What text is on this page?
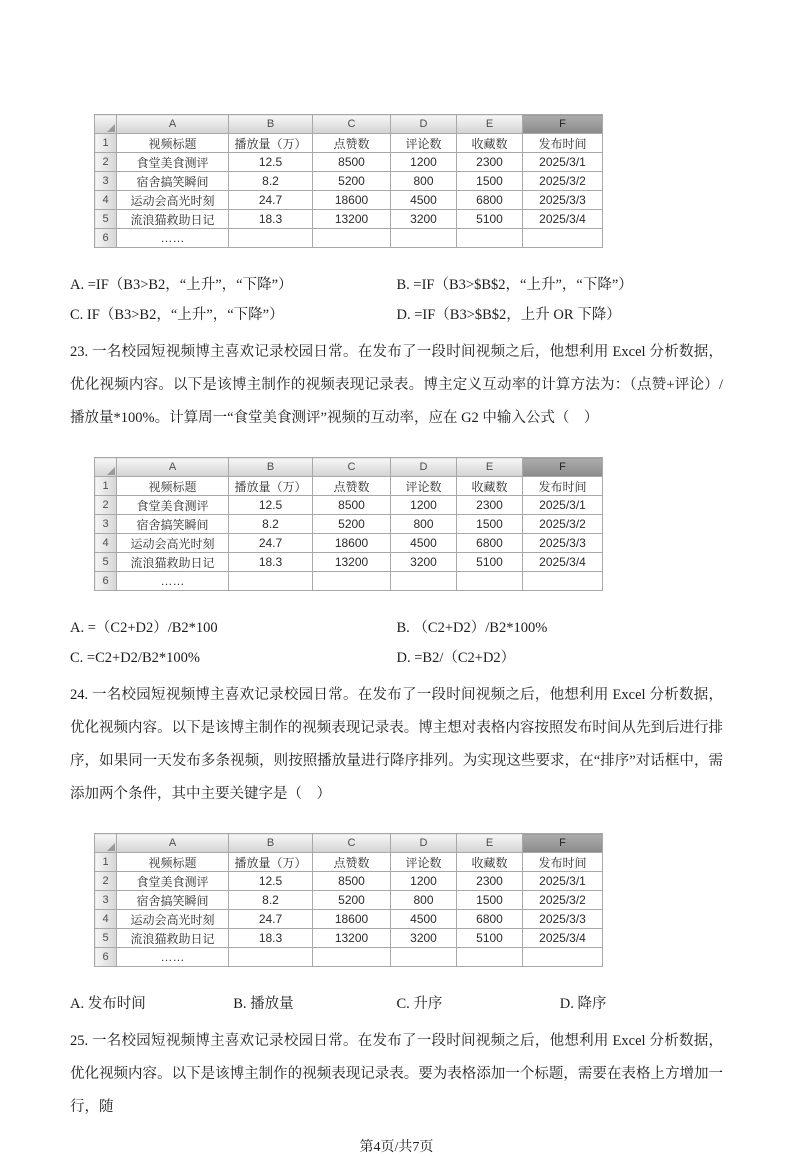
	A	B	C	D	E	F
1	视频标题	播放量（万）	点赞数	评论数	收藏数	发布时间
2	食堂美食测评	12.5	8500	1200	2300	2025/3/1
3	宿舍搞笑瞬间	8.2	5200	800	1500	2025/3/2
4	运动会高光时刻	24.7	18600	4500	6800	2025/3/3
5	流浪猫救助日记	18.3	13200	3200	5100	2025/3/4
6	……					
A. =IF（B3>B2，“上升”，“下降”）	B. =IF（B3>$B$2，“上升”，“下降”）
C. IF（B3>B2，“上升”，“下降”）	D. =IF（B3>$B$2，上升 OR 下降）

23. 一名校园短视频博主喜欢记录校园日常。在发布了一段时间视频之后，他想利用 Excel 分析数据，优化视频内容。以下是该博主制作的视频表现记录表。博主定义互动率的计算方法为：（点赞+评论）/播放量*100%。计算周一“食堂美食测评”视频的互动率，应在 G2 中输入公式（　）

	A	B	C	D	E	F
1	视频标题	播放量（万）	点赞数	评论数	收藏数	发布时间
2	食堂美食测评	12.5	8500	1200	2300	2025/3/1
3	宿舍搞笑瞬间	8.2	5200	800	1500	2025/3/2
4	运动会高光时刻	24.7	18600	4500	6800	2025/3/3
5	流浪猫救助日记	18.3	13200	3200	5100	2025/3/4
6	……					
A. =（C2+D2）/B2*100	B. （C2+D2）/B2*100%
C. =C2+D2/B2*100%	D. =B2/（C2+D2）

24. 一名校园短视频博主喜欢记录校园日常。在发布了一段时间视频之后，他想利用 Excel 分析数据，优化视频内容。以下是该博主制作的视频表现记录表。博主想对表格内容按照发布时间从先到后进行排序，如果同一天发布多条视频，则按照播放量进行降序排列。为实现这些要求，在“排序”对话框中，需添加两个条件，其中主要关键字是（　）

	A	B	C	D	E	F
1	视频标题	播放量（万）	点赞数	评论数	收藏数	发布时间
2	食堂美食测评	12.5	8500	1200	2300	2025/3/1
3	宿舍搞笑瞬间	8.2	5200	800	1500	2025/3/2
4	运动会高光时刻	24.7	18600	4500	6800	2025/3/3
5	流浪猫救助日记	18.3	13200	3200	5100	2025/3/4
6	……					
A. 发布时间	B. 播放量	C. 升序	D. 降序

25. 一名校园短视频博主喜欢记录校园日常。在发布了一段时间视频之后，他想利用 Excel 分析数据，优化视频内容。以下是该博主制作的视频表现记录表。要为表格添加一个标题，需要在表格上方增加一行，随

第4页/共7页
